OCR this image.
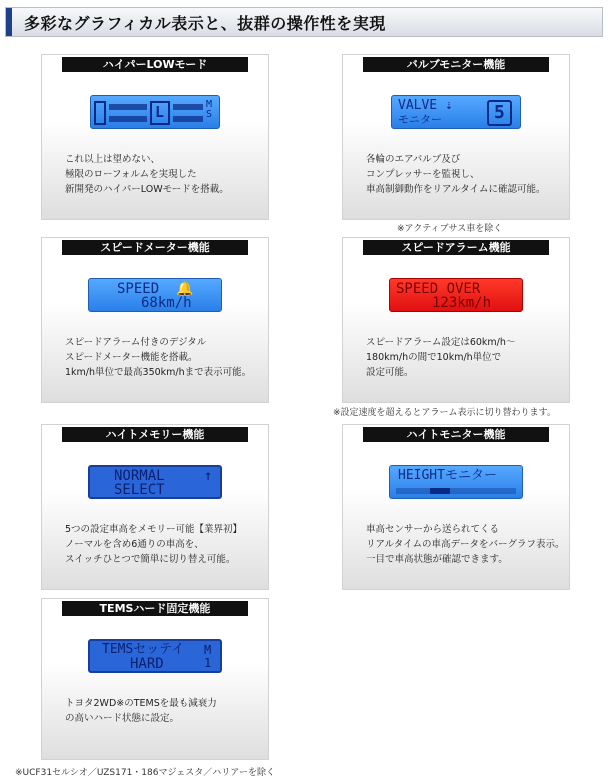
多彩なグラフィカル表示と、抜群の操作性を実現
ハイパーLOWモード
L	M S
これ以上は望めない、
極限のローフォルムを実現した
新開発のハイパーLOWモードを搭載。
バルブモニター機能
VALVE ⇣
モニター	5
各輪のエアバルブ及び
コンプレッサーを監視し、
車高制御動作をリアルタイムに確認可能。
※アクティブサス車を除く
スピードメーター機能
SPEED  🔔
68km/h
スピードアラーム付きのデジタル
スピードメーター機能を搭載。
1km/h単位で最高350km/hまで表示可能。
スピードアラーム機能
SPEED OVER
123km/h
スピードアラーム設定は60km/h～
180km/hの間で10km/h単位で
設定可能。
※設定速度を超えるとアラーム表示に切り替わります。
ハイトメモリー機能
NORMAL
SELECT
↑
5つの設定車高をメモリー可能【業界初】
ノーマルを含め6通りの車高を、
スイッチひとつで簡単に切り替え可能。
ハイトモニター機能
HEIGHTモニター
車高センサーから送られてくる
リアルタイムの車高データをバーグラフ表示。
一目で車高状態が確認できます。
TEMSハード固定機能
TEMSセッテイ
HARD
M 1
トヨタ2WD※のTEMSを最も減衰力
の高いハード状態に設定。
※UCF31セルシオ／UZS171・186マジェスタ／ハリアーを除く
